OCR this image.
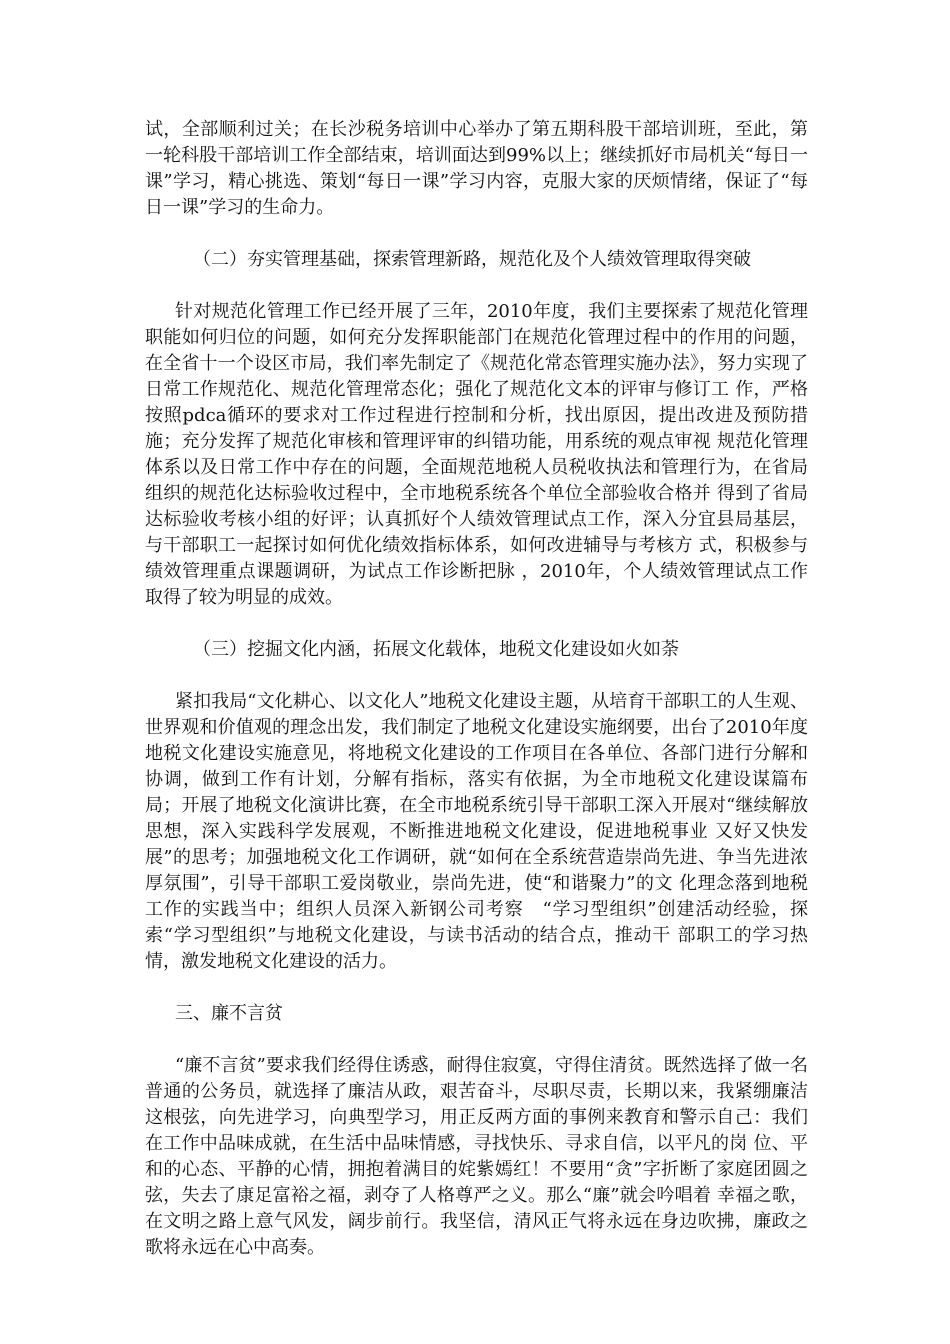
试，全部顺利过关；在长沙税务培训中心举办了第五期科股干部培训班，至此，第一轮科股干部培训工作全部结束，培训面达到99%以上；继续抓好市局机关“每日一课”学习，精心挑选、策划“每日一课”学习内容，克服大家的厌烦情绪，保证了“每日一课”学习的生命力。

（二）夯实管理基础，探索管理新路，规范化及个人绩效管理取得突破

针对规范化管理工作已经开展了三年，2010年度，我们主要探索了规范化管理职能如何归位的问题，如何充分发挥职能部门在规范化管理过程中的作用的问题，在全省十一个设区市局，我们率先制定了《规范化常态管理实施办法》，努力实现了日常工作规范化、规范化管理常态化；强化了规范化文本的评审与修订工 作，严格按照pdca循环的要求对工作过程进行控制和分析，找出原因，提出改进及预防措施；充分发挥了规范化审核和管理评审的纠错功能，用系统的观点审视 规范化管理体系以及日常工作中存在的问题，全面规范地税人员税收执法和管理行为，在省局组织的规范化达标验收过程中，全市地税系统各个单位全部验收合格并 得到了省局达标验收考核小组的好评；认真抓好个人绩效管理试点工作，深入分宜县局基层，与干部职工一起探讨如何优化绩效指标体系，如何改进辅导与考核方 式，积极参与绩效管理重点课题调研，为试点工作诊断把脉 ，2010年，个人绩效管理试点工作取得了较为明显的成效。

（三）挖掘文化内涵，拓展文化载体，地税文化建设如火如荼

紧扣我局“文化耕心、以文化人”地税文化建设主题，从培育干部职工的人生观、世界观和价值观的理念出发，我们制定了地税文化建设实施纲要，出台了2010年度地税文化建设实施意见，将地税文化建设的工作项目在各单位、各部门进行分解和协调，做到工作有计划，分解有指标，落实有依据，为全市地税文化建设谋篇布局；开展了地税文化演讲比赛，在全市地税系统引导干部职工深入开展对“继续解放思想，深入实践科学发展观，不断推进地税文化建设，促进地税事业 又好又快发展”的思考；加强地税文化工作调研，就“如何在全系统营造崇尚先进、争当先进浓厚氛围”，引导干部职工爱岗敬业，崇尚先进，使“和谐聚力”的文 化理念落到地税工作的实践当中；组织人员深入新钢公司考察　“学习型组织”创建活动经验，探索“学习型组织”与地税文化建设，与读书活动的结合点，推动干 部职工的学习热情，激发地税文化建设的活力。

三、廉不言贫

“廉不言贫”要求我们经得住诱惑，耐得住寂寞，守得住清贫。既然选择了做一名普通的公务员，就选择了廉洁从政，艰苦奋斗，尽职尽责，长期以来，我紧绷廉洁这根弦，向先进学习，向典型学习，用正反两方面的事例来教育和警示自己：我们在工作中品味成就，在生活中品味情感，寻找快乐、寻求自信，以平凡的岗 位、平和的心态、平静的心情，拥抱着满目的姹紫嫣红！不要用“贪”字折断了家庭团圆之弦，失去了康足富裕之福，剥夺了人格尊严之义。那么“廉”就会吟唱着 幸福之歌，在文明之路上意气风发，阔步前行。我坚信，清风正气将永远在身边吹拂，廉政之歌将永远在心中高奏。
